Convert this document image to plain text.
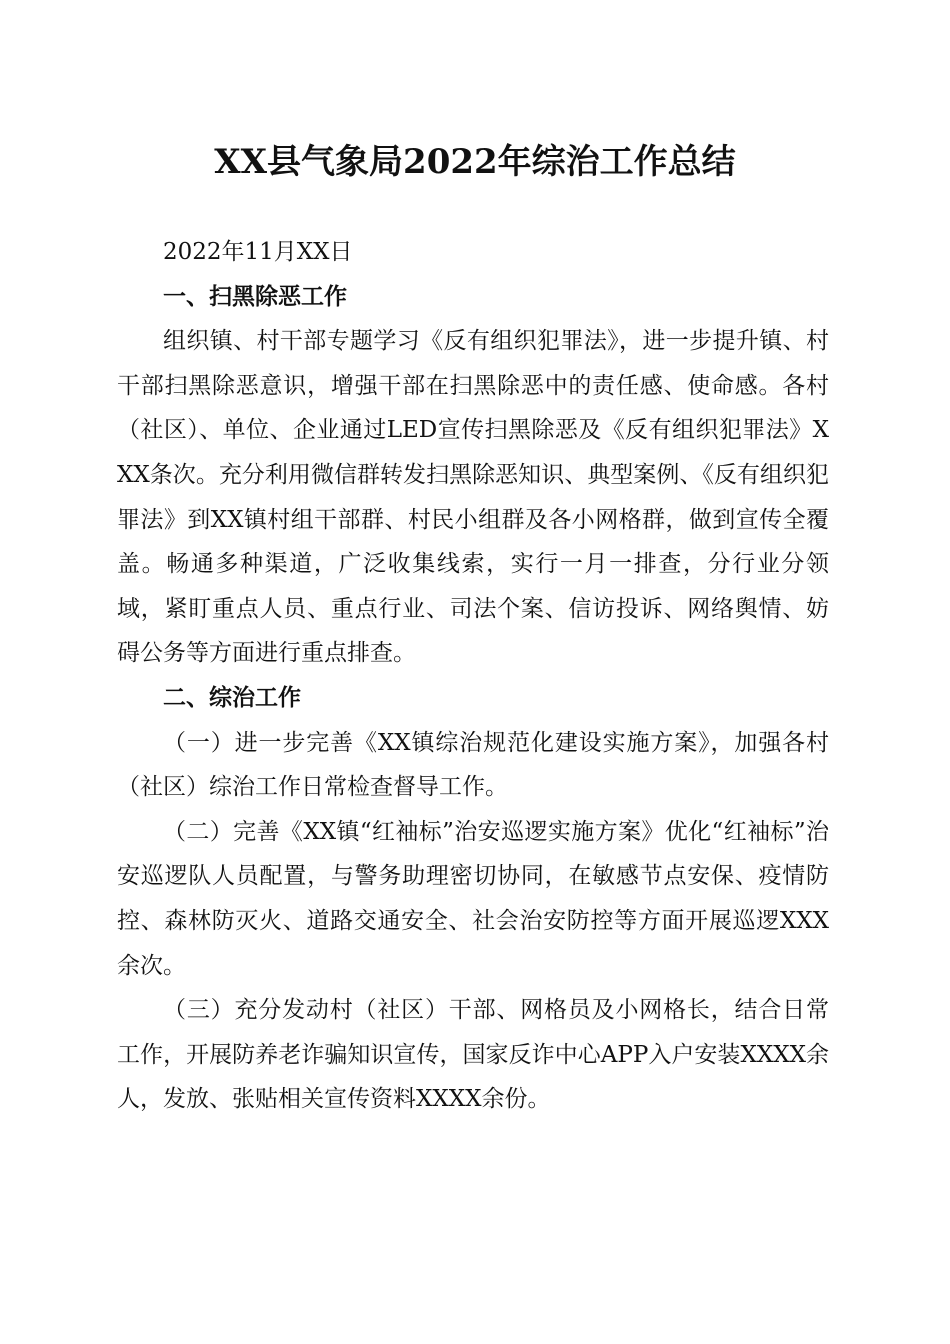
XX县气象局2022年综治工作总结

2022年11月XX日

一、扫黑除恶工作

组织镇、村干部专题学习《反有组织犯罪法》，进一步提升镇、村干部扫黑除恶意识，增强干部在扫黑除恶中的责任感、使命感。各村（社区）、单位、企业通过LED宣传扫黑除恶及《反有组织犯罪法》XXX条次。充分利用微信群转发扫黑除恶知识、典型案例、《反有组织犯罪法》到XX镇村组干部群、村民小组群及各小网格群，做到宣传全覆盖。畅通多种渠道，广泛收集线索，实行一月一排查，分行业分领域，紧盯重点人员、重点行业、司法个案、信访投诉、网络舆情、妨碍公务等方面进行重点排查。

二、综治工作

（一）进一步完善《XX镇综治规范化建设实施方案》，加强各村（社区）综治工作日常检查督导工作。

（二）完善《XX镇“红袖标”治安巡逻实施方案》优化“红袖标”治安巡逻队人员配置，与警务助理密切协同，在敏感节点安保、疫情防控、森林防灭火、道路交通安全、社会治安防控等方面开展巡逻XXX余次。

（三）充分发动村（社区）干部、网格员及小网格长，结合日常工作，开展防养老诈骗知识宣传，国家反诈中心APP入户安装XXXX余人，发放、张贴相关宣传资料XXXX余份。
